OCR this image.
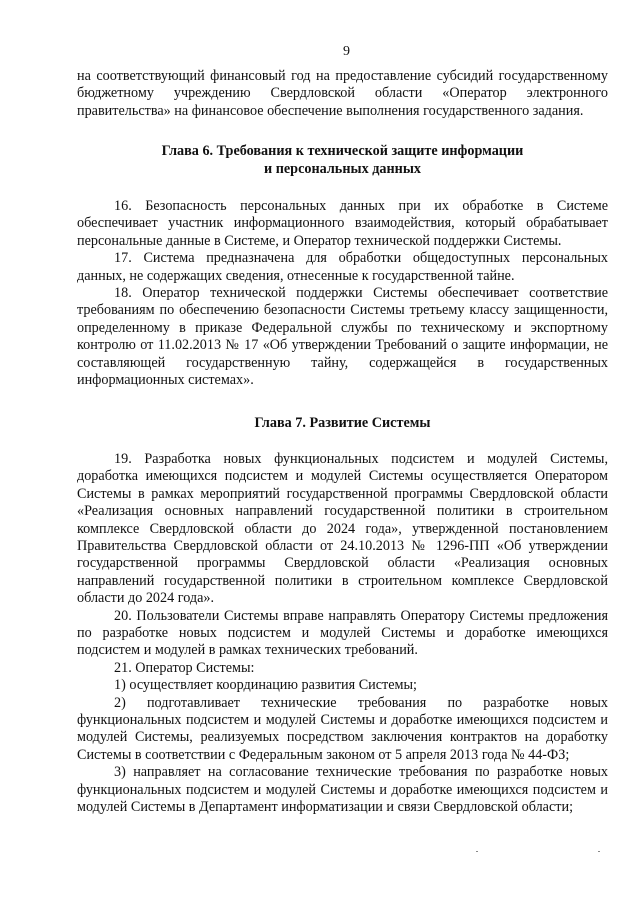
9

на соответствующий финансовый год на предоставление субсидий государственному бюджетному учреждению Свердловской области «Оператор электронного правительства» на финансовое обеспечение выполнения государственного задания.

Глава 6. Требования к технической защите информации
и персональных данных

16. Безопасность персональных данных при их обработке в Системе обеспечивает участник информационного взаимодействия, который обрабатывает персональные данные в Системе, и Оператор технической поддержки Системы.

17. Система предназначена для обработки общедоступных персональных данных, не содержащих сведения, отнесенные к государственной тайне.

18. Оператор технической поддержки Системы обеспечивает соответствие требованиям по обеспечению безопасности Системы третьему классу защищенности, определенному в приказе Федеральной службы по техническому и экспортному контролю от 11.02.2013 № 17 «Об утверждении Требований о защите информации, не составляющей государственную тайну, содержащейся в государственных информационных системах».

Глава 7. Развитие Системы

19. Разработка новых функциональных подсистем и модулей Системы, доработка имеющихся подсистем и модулей Системы осуществляется Оператором Системы в рамках мероприятий государственной программы Свердловской области «Реализация основных направлений государственной политики в строительном комплексе Свердловской области до 2024 года», утвержденной постановлением Правительства Свердловской области от 24.10.2013 № 1296-ПП «Об утверждении государственной программы Свердловской области «Реализация основных направлений государственной политики в строительном комплексе Свердловской области до 2024 года».

20. Пользователи Системы вправе направлять Оператору Системы предложения по разработке новых подсистем и модулей Системы и доработке имеющихся подсистем и модулей в рамках технических требований.

21. Оператор Системы:

1) осуществляет координацию развития Системы;

2) подготавливает технические требования по разработке новых функциональных подсистем и модулей Системы и доработке имеющихся подсистем и модулей Системы, реализуемых посредством заключения контрактов на доработку Системы в соответствии с Федеральным законом от 5 апреля 2013 года № 44-ФЗ;

3) направляет на согласование технические требования по разработке новых функциональных подсистем и модулей Системы и доработке имеющихся подсистем и модулей Системы в Департамент информатизации и связи Свердловской области;
